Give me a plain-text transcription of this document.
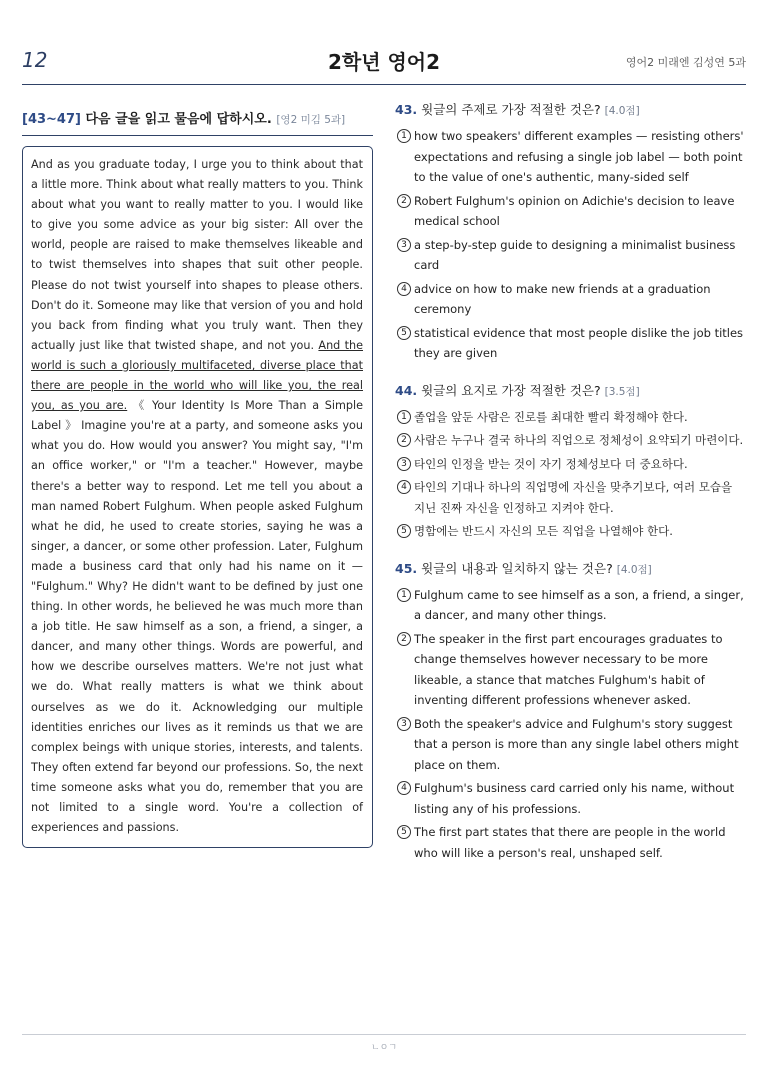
12	2학년 영어2	영어2 미래엔 김성연 5과
[43~47] 다음 글을 읽고 물음에 답하시오. [영2 미김 5과]
And as you graduate today, I urge you to think about that a little more. Think about what really matters to you. Think about what you want to really matter to you. I would like to give you some advice as your big sister: All over the world, people are raised to make themselves likeable and to twist themselves into shapes that suit other people. Please do not twist yourself into shapes to please others. Don't do it. Someone may like that version of you and hold you back from finding what you truly want. Then they actually just like that twisted shape, and not you. And the world is such a gloriously multifaceted, diverse place that there are people in the world who will like you, the real you, as you are. 《 Your Identity Is More Than a Simple Label 》 Imagine you're at a party, and someone asks you what you do. How would you answer? You might say, "I'm an office worker," or "I'm a teacher." However, maybe there's a better way to respond. Let me tell you about a man named Robert Fulghum. When people asked Fulghum what he did, he used to create stories, saying he was a singer, a dancer, or some other profession. Later, Fulghum made a business card that only had his name on it — "Fulghum." Why? He didn't want to be defined by just one thing. In other words, he believed he was much more than a job title. He saw himself as a son, a friend, a singer, a dancer, and many other things. Words are powerful, and how we describe ourselves matters. We're not just what we do. What really matters is what we think about ourselves as we do it. Acknowledging our multiple identities enriches our lives as it reminds us that we are complex beings with unique stories, interests, and talents. They often extend far beyond our professions. So, the next time someone asks what you do, remember that you are not limited to a single word. You're a collection of experiences and passions.
43. 윗글의 주제로 가장 적절한 것은? [4.0점]
1 how two speakers' different examples — resisting others' expectations and refusing a single job label — both point to the value of one's authentic, many-sided self
2 Robert Fulghum's opinion on Adichie's decision to leave medical school
3 a step-by-step guide to designing a minimalist business card
4 advice on how to make new friends at a graduation ceremony
5 statistical evidence that most people dislike the job titles they are given
44. 윗글의 요지로 가장 적절한 것은? [3.5점]
1 졸업을 앞둔 사람은 진로를 최대한 빨리 확정해야 한다.
2 사람은 누구나 결국 하나의 직업으로 정체성이 요약되기 마련이다.
3 타인의 인정을 받는 것이 자기 정체성보다 더 중요하다.
4 타인의 기대나 하나의 직업명에 자신을 맞추기보다, 여러 모습을 지닌 진짜 자신을 인정하고 지켜야 한다.
5 명함에는 반드시 자신의 모든 직업을 나열해야 한다.
45. 윗글의 내용과 일치하지 않는 것은? [4.0점]
1 Fulghum came to see himself as a son, a friend, a singer, a dancer, and many other things.
2 The speaker in the first part encourages graduates to change themselves however necessary to be more likeable, a stance that matches Fulghum's habit of inventing different professions whenever asked.
3 Both the speaker's advice and Fulghum's story suggest that a person is more than any single label others might place on them.
4 Fulghum's business card carried only his name, without listing any of his professions.
5 The first part states that there are people in the world who will like a person's real, unshaped self.
ㄴㅇㄱ
